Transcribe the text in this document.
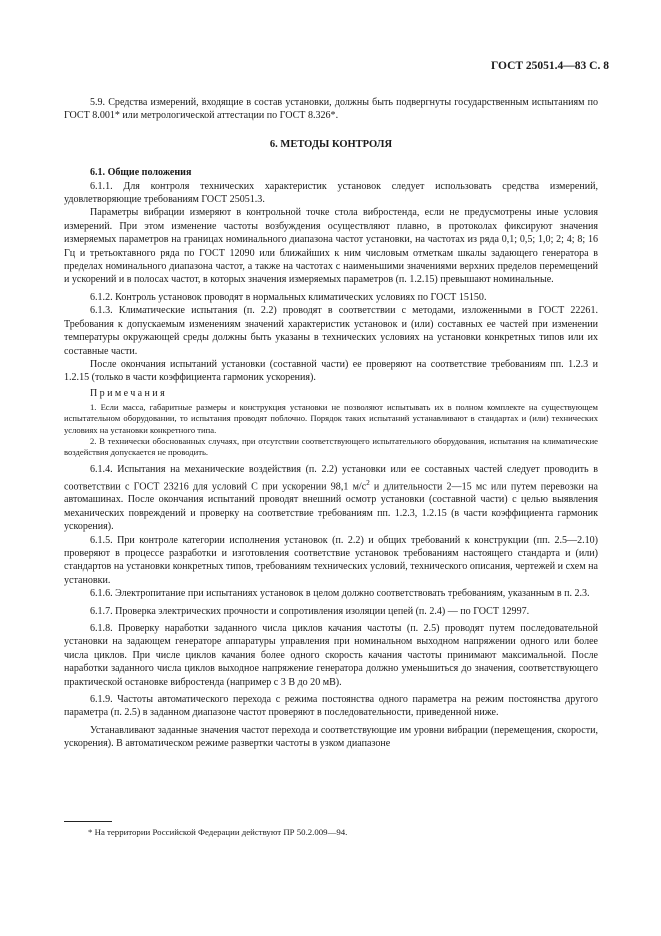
ГОСТ 25051.4—83 С. 8

5.9. Средства измерений, входящие в состав установки, должны быть подвергнуты государственным испытаниям по ГОСТ 8.001* или метрологической аттестации по ГОСТ 8.326*.

6. МЕТОДЫ КОНТРОЛЯ

6.1. Общие положения

6.1.1. Для контроля технических характеристик установок следует использовать средства измерений, удовлетворяющие требованиям ГОСТ 25051.3.

Параметры вибрации измеряют в контрольной точке стола вибростенда, если не предусмотрены иные условия измерений. При этом изменение частоты возбуждения осуществляют плавно, в протоколах фиксируют значения измеряемых параметров на границах номинального диапазона частот установки, на частотах из ряда 0,1; 0,5; 1,0; 2; 4; 8; 16 Гц и третьоктавного ряда по ГОСТ 12090 или ближайших к ним числовым отметкам шкалы задающего генератора в пределах номинального диапазона частот, а также на частотах с наименьшими значениями верхних пределов перемещений и ускорений и в полосах частот, в которых значения измеряемых параметров (п. 1.2.15) превышают номинальные.

6.1.2. Контроль установок проводят в нормальных климатических условиях по ГОСТ 15150.

6.1.3. Климатические испытания (п. 2.2) проводят в соответствии с методами, изложенными в ГОСТ 22261. Требования к допускаемым изменениям значений характеристик установок и (или) составных ее частей при изменении температуры окружающей среды должны быть указаны в технических условиях на установки конкретных типов или их составные части.

После окончания испытаний установки (составной части) ее проверяют на соответствие требованиям пп. 1.2.3 и 1.2.15 (только в части коэффициента гармоник ускорения).

Примечания

1. Если масса, габаритные размеры и конструкция установки не позволяют испытывать их в полном комплекте на существующем испытательном оборудовании, то испытания проводят поблочно. Порядок таких испытаний устанавливают в стандартах и (или) технических условиях на установки конкретного типа.

2. В технически обоснованных случаях, при отсутствии соответствующего испытательного оборудования, испытания на климатические воздействия допускается не проводить.

6.1.4. Испытания на механические воздействия (п. 2.2) установки или ее составных частей следует проводить в соответствии с ГОСТ 23216 для условий С при ускорении 98,1 $м/с^2$ и длительности 2—15 мс или путем перевозки на автомашинах. После окончания испытаний проводят внешний осмотр установки (составной части) с целью выявления механических повреждений и проверку на соответствие требованиям пп. 1.2.3, 1.2.15 (в части коэффициента гармоник ускорения).

6.1.5. При контроле категории исполнения установок (п. 2.2) и общих требований к конструкции (пп. 2.5—2.10) проверяют в процессе разработки и изготовления соответствие установок требованиям настоящего стандарта и (или) стандартов на установки конкретных типов, требованиям технических условий, технического описания, чертежей и схем на установки.

6.1.6. Электропитание при испытаниях установок в целом должно соответствовать требованиям, указанным в п. 2.3.

6.1.7. Проверка электрических прочности и сопротивления изоляции цепей (п. 2.4) — по ГОСТ 12997.

6.1.8. Проверку наработки заданного числа циклов качания частоты (п. 2.5) проводят путем последовательной установки на задающем генераторе аппаратуры управления при номинальном выходном напряжении одного или более числа циклов. При числе циклов качания более одного скорость качания частоты принимают максимальной. После наработки заданного числа циклов выходное напряжение генератора должно уменьшиться до значения, соответствующего практической остановке вибростенда (например с 3 В до 20 мВ).

6.1.9. Частоты автоматического перехода с режима постоянства одного параметра на режим постоянства другого параметра (п. 2.5) в заданном диапазоне частот проверяют в последовательности, приведенной ниже.

Устанавливают заданные значения частот перехода и соответствующие им уровни вибрации (перемещения, скорости, ускорения). В автоматическом режиме развертки частоты в узком диапазоне

* На территории Российской Федерации действуют ПР 50.2.009—94.
